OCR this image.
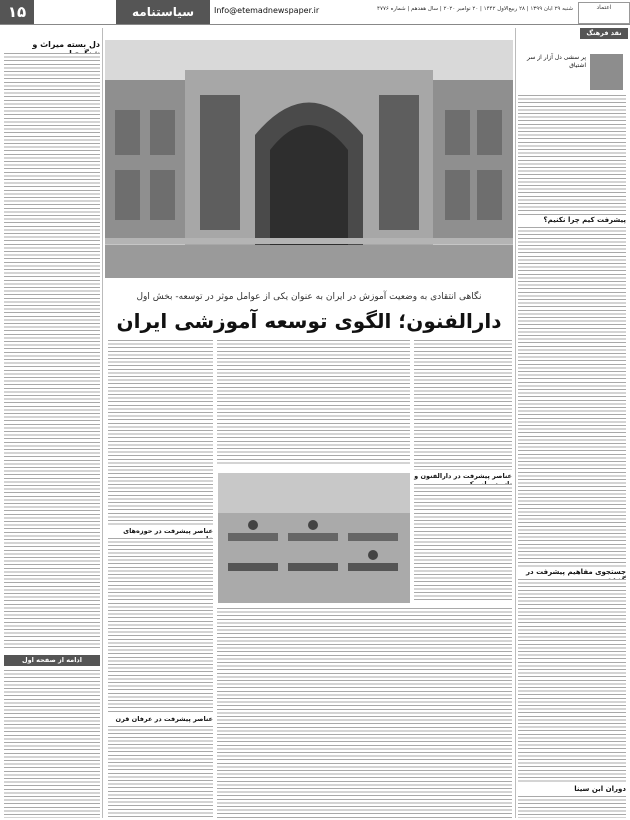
۱۵	سیاستنامه	Info@etemadnewspaper.ir	شنبه ۲۹ آبان ۱۳۹۹ | ۲۸ ربیع‌الاول ۱۴۴۲ | ۲۰ نوامبر ۲۰۲۰ | سال هفدهم | شماره ۴۷۷۶	اعتماد
نقد فرهنگ
پر سشی دل آزار از سر اشتیاق
پیشرفت کیم چرا نکنیم؟
جستجوی مفاهیم پیشرفت در
دوران ابن سینا
دل بسته میراث و
ادامه از صفحه اول
نگاهی انتقادی به وضعیت آموزش در ایران به عنوان یکی از عوامل موثر در توسعه- بخش اول
دارالفنون؛ الگوی توسعه آموزشی ایران
عناصر پیشرفت در حوزه‌های
عناصر پیشرفت در دارالفنون و
عناصر پیشرفت در عرفان قرن
